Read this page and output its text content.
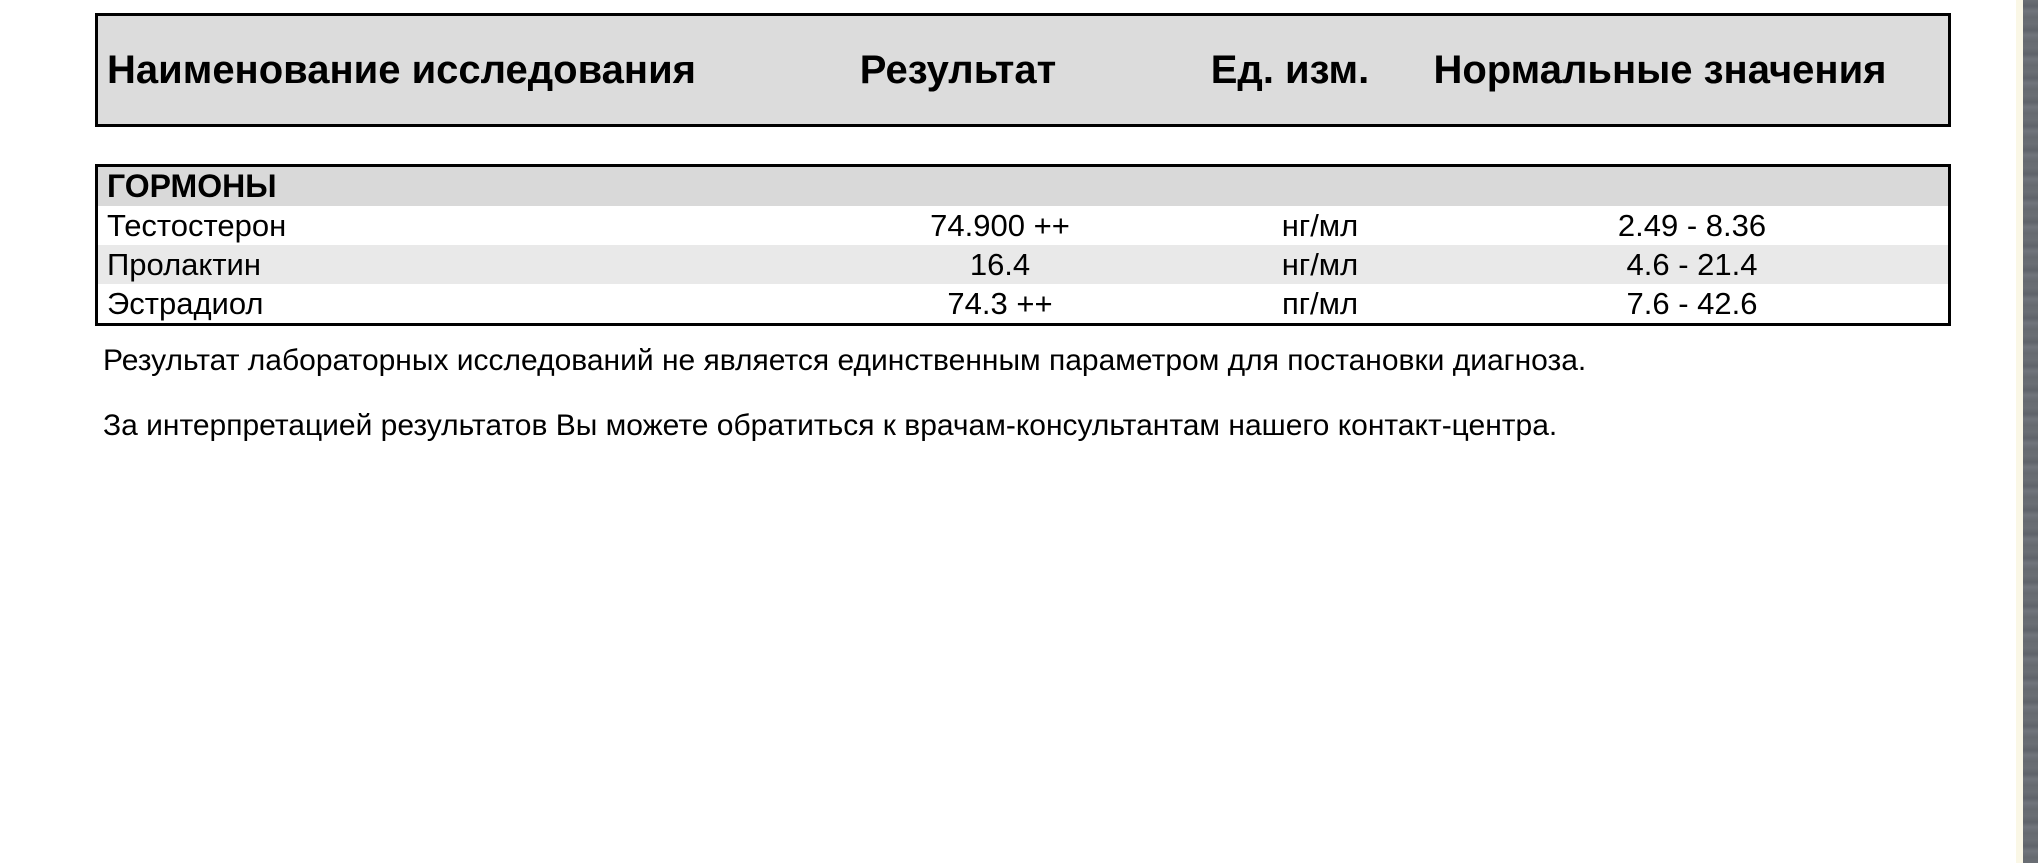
Наименование исследования	Результат	Ед. изм.	Нормальные значения
ГОРМОНЫ
Тестостерон	74.900 ++	нг/мл	2.49 - 8.36
Пролактин	16.4	нг/мл	4.6 - 21.4
Эстрадиол	74.3 ++	пг/мл	7.6 - 42.6

Результат лабораторных исследований не является единственным параметром для постановки диагноза.

За интерпретацией результатов Вы можете обратиться к врачам-консультантам нашего контакт-центра.
